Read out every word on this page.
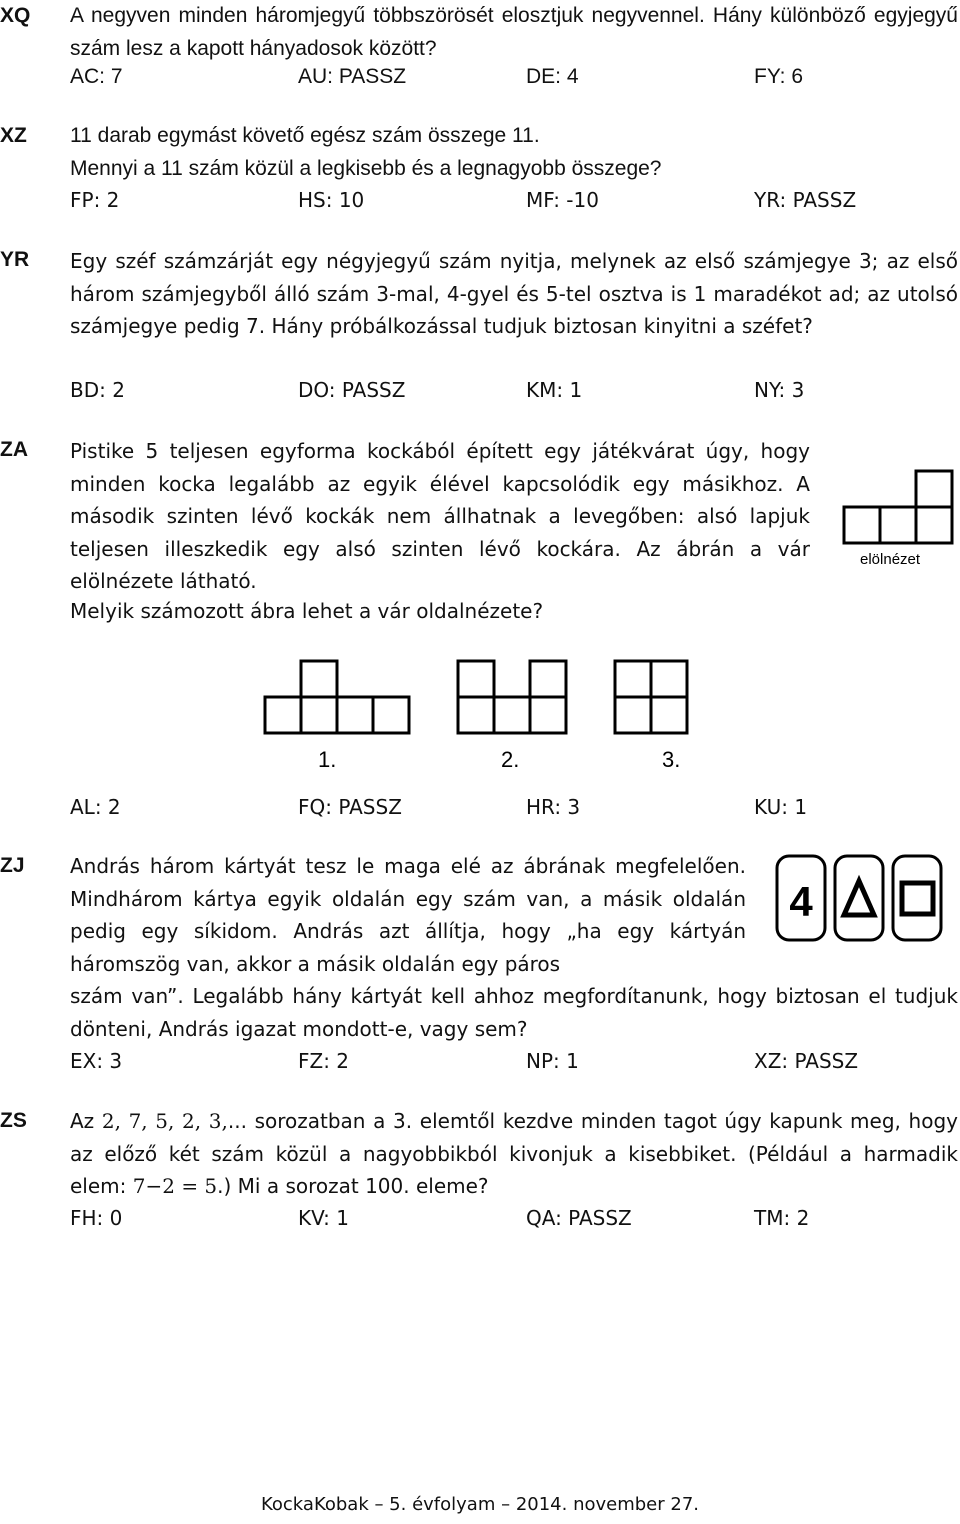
XQ	A negyven minden háromjegyű többszörösét elosztjuk negyvennel. Hány különböző egyjegyű szám lesz a kapott hányadosok között?

AC: 7	AU: PASSZ	DE: 4	FY: 6
XZ	11 darab egymást követő egész szám összege 11.
Mennyi a 11 szám közül a legkisebb és a legnagyobb összege?
FP: 2	HS: 10	MF: -10	YR: PASSZ
YR	Egy széf számzárját egy négyjegyű szám nyitja, melynek az első számjegye 3; az első három számjegyből álló szám 3-mal, 4-gyel és 5-tel osztva is 1 maradékot ad; az utolsó számjegye pedig 7. Hány próbálkozással tudjuk biztosan kinyitni a széfet?

BD: 2	DO: PASSZ	KM: 1	NY: 3
ZA	Pistike 5 teljesen egyforma kockából épített egy játékvárat úgy, hogy minden kocka legalább az egyik élével kapcsolódik egy másikhoz. A második szinten lévő kockák nem állhatnak a levegőben: alsó lapjuk teljesen illeszkedik egy alsó szinten lévő kockára. Az ábrán a vár elölnézete látható.

Melyik számozott ábra lehet a vár oldalnézete?
elölnézet
1.	2.	3.
AL: 2	FQ: PASSZ	HR: 3	KU: 1
ZJ	András három kártyát tesz le maga elé az ábrának megfelelően. Mindhárom kártya egyik oldalán egy szám van, a másik oldalán pedig egy síkidom. András azt állítja, hogy „ha egy kártyán háromszög van, akkor a másik oldalán egy páros

szám van”. Legalább hány kártyát kell ahhoz megfordítanunk, hogy biztosan el tudjuk dönteni, András igazat mondott-e, vagy sem?

4
EX: 3	FZ: 2	NP: 1	XZ: PASSZ
ZS	Az 2, 7, 5, 2, 3,... sorozatban a 3. elemtől kezdve minden tagot úgy kapunk meg, hogy az előző két szám közül a nagyobbikból kivonjuk a kisebbiket. (Például a harmadik elem: 7−2 = 5.) Mi a sorozat 100. eleme?

FH: 0	KV: 1	QA: PASSZ	TM: 2
KockaKobak – 5. évfolyam – 2014. november 27.
